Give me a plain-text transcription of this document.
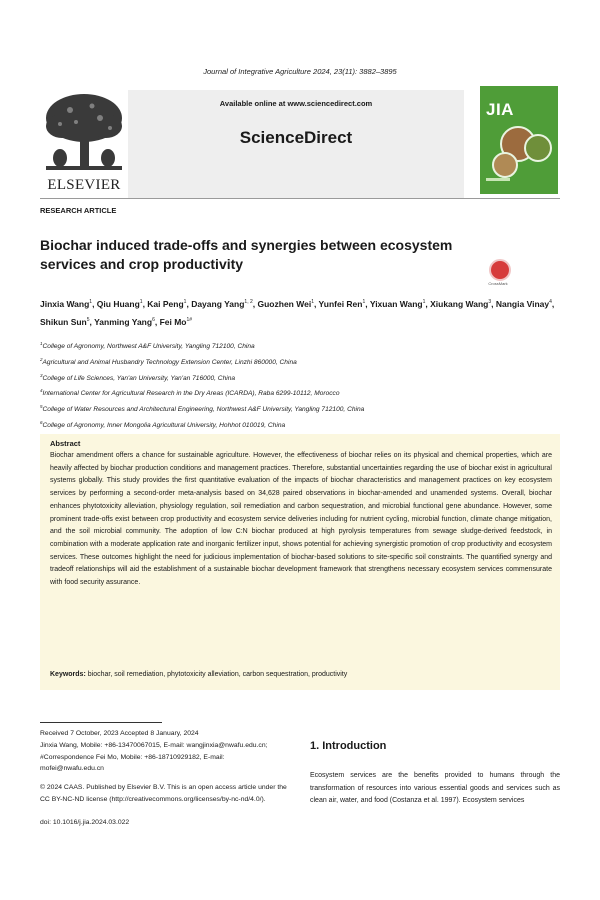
Journal of Integrative Agriculture 2024, 23(11): 3882–3895
ELSEVIER
Available online at www.sciencedirect.com
ScienceDirect
JIA
RESEARCH ARTICLE
Biochar induced trade-offs and synergies between ecosystem services and crop productivity
CrossMark
Jinxia Wang$^1$, Qiu Huang$^1$, Kai Peng$^1$, Dayang Yang$^{1, 2}$, Guozhen Wei$^1$, Yunfei Ren$^1$, Yixuan Wang$^1$, Xiukang Wang$^3$, Nangia Vinay$^4$, Shikun Sun$^5$, Yanming Yang$^6$, Fei $Mo^{1\#}$
$^1$College of Agronomy, Northwest A&F University, Yangling 712100, China
$^2$Agricultural and Animal Husbandry Technology Extension Center, Linzhi 860000, China
$^3$College of Life Sciences, Yan'an University, Yan'an 716000, China
$^4$International Center for Agricultural Research in the Dry Areas (ICARDA), Raba 6299-10112, Morocco
$^5$College of Water Resources and Architectural Engineering, Northwest A&F University, Yangling 712100, China
$^6$College of Agronomy, Inner Mongolia Agricultural University, Hohhot 010019, China
Abstract
Biochar amendment offers a chance for sustainable agriculture. However, the effectiveness of biochar relies on its physical and chemical properties, which are heavily affected by biochar production conditions and management practices. Therefore, substantial uncertainties regarding the use of biochar exist in agricultural systems globally. This study provides the first quantitative evaluation of the impacts of biochar characteristics and management practices on key ecosystem services by performing a second-order meta-analysis based on 34,628 paired observations in biochar-amended and unamended systems. Overall, biochar enhances phytotoxicity alleviation, physiology regulation, soil remediation and carbon sequestration, and microbial functional gene abundance. However, some prominent trade-offs exist between crop productivity and ecosystem service deliveries including for nutrient cycling, microbial function, climate change mitigation, and the soil microbial community. The adoption of low C:N biochar produced at high pyrolysis temperatures from sewage sludge-derived feedstock, in combination with a moderate application rate and inorganic fertilizer input, shows potential for achieving synergistic promotion of crop productivity and ecosystem services. These outcomes highlight the need for judicious implementation of biochar-based solutions to site-specific soil constraints. The quantified synergy and tradeoff relationships will aid the establishment of a sustainable biochar development framework that strengthens necessary ecosystem services commensurate with food security assurance.
Keywords: biochar, soil remediation, phytotoxicity alleviation, carbon sequestration, productivity
Received 7 October, 2023 Accepted 8 January, 2024
Jinxia Wang, Mobile: +86-13470067015, E-mail: wangjinxia@nwafu.edu.cn; #Correspondence Fei Mo, Mobile: +86-18710929182, E-mail: mofei@nwafu.edu.cn
© 2024 CAAS. Published by Elsevier B.V. This is an open access article under the CC BY-NC-ND license (http://creativecommons.org/licenses/by-nc-nd/4.0/).
doi: 10.1016/j.jia.2024.03.022
1. Introduction
Ecosystem services are the benefits provided to humans through the transformation of resources into various essential goods and services such as clean air, water, and food (Costanza et al. 1997). Ecosystem services
